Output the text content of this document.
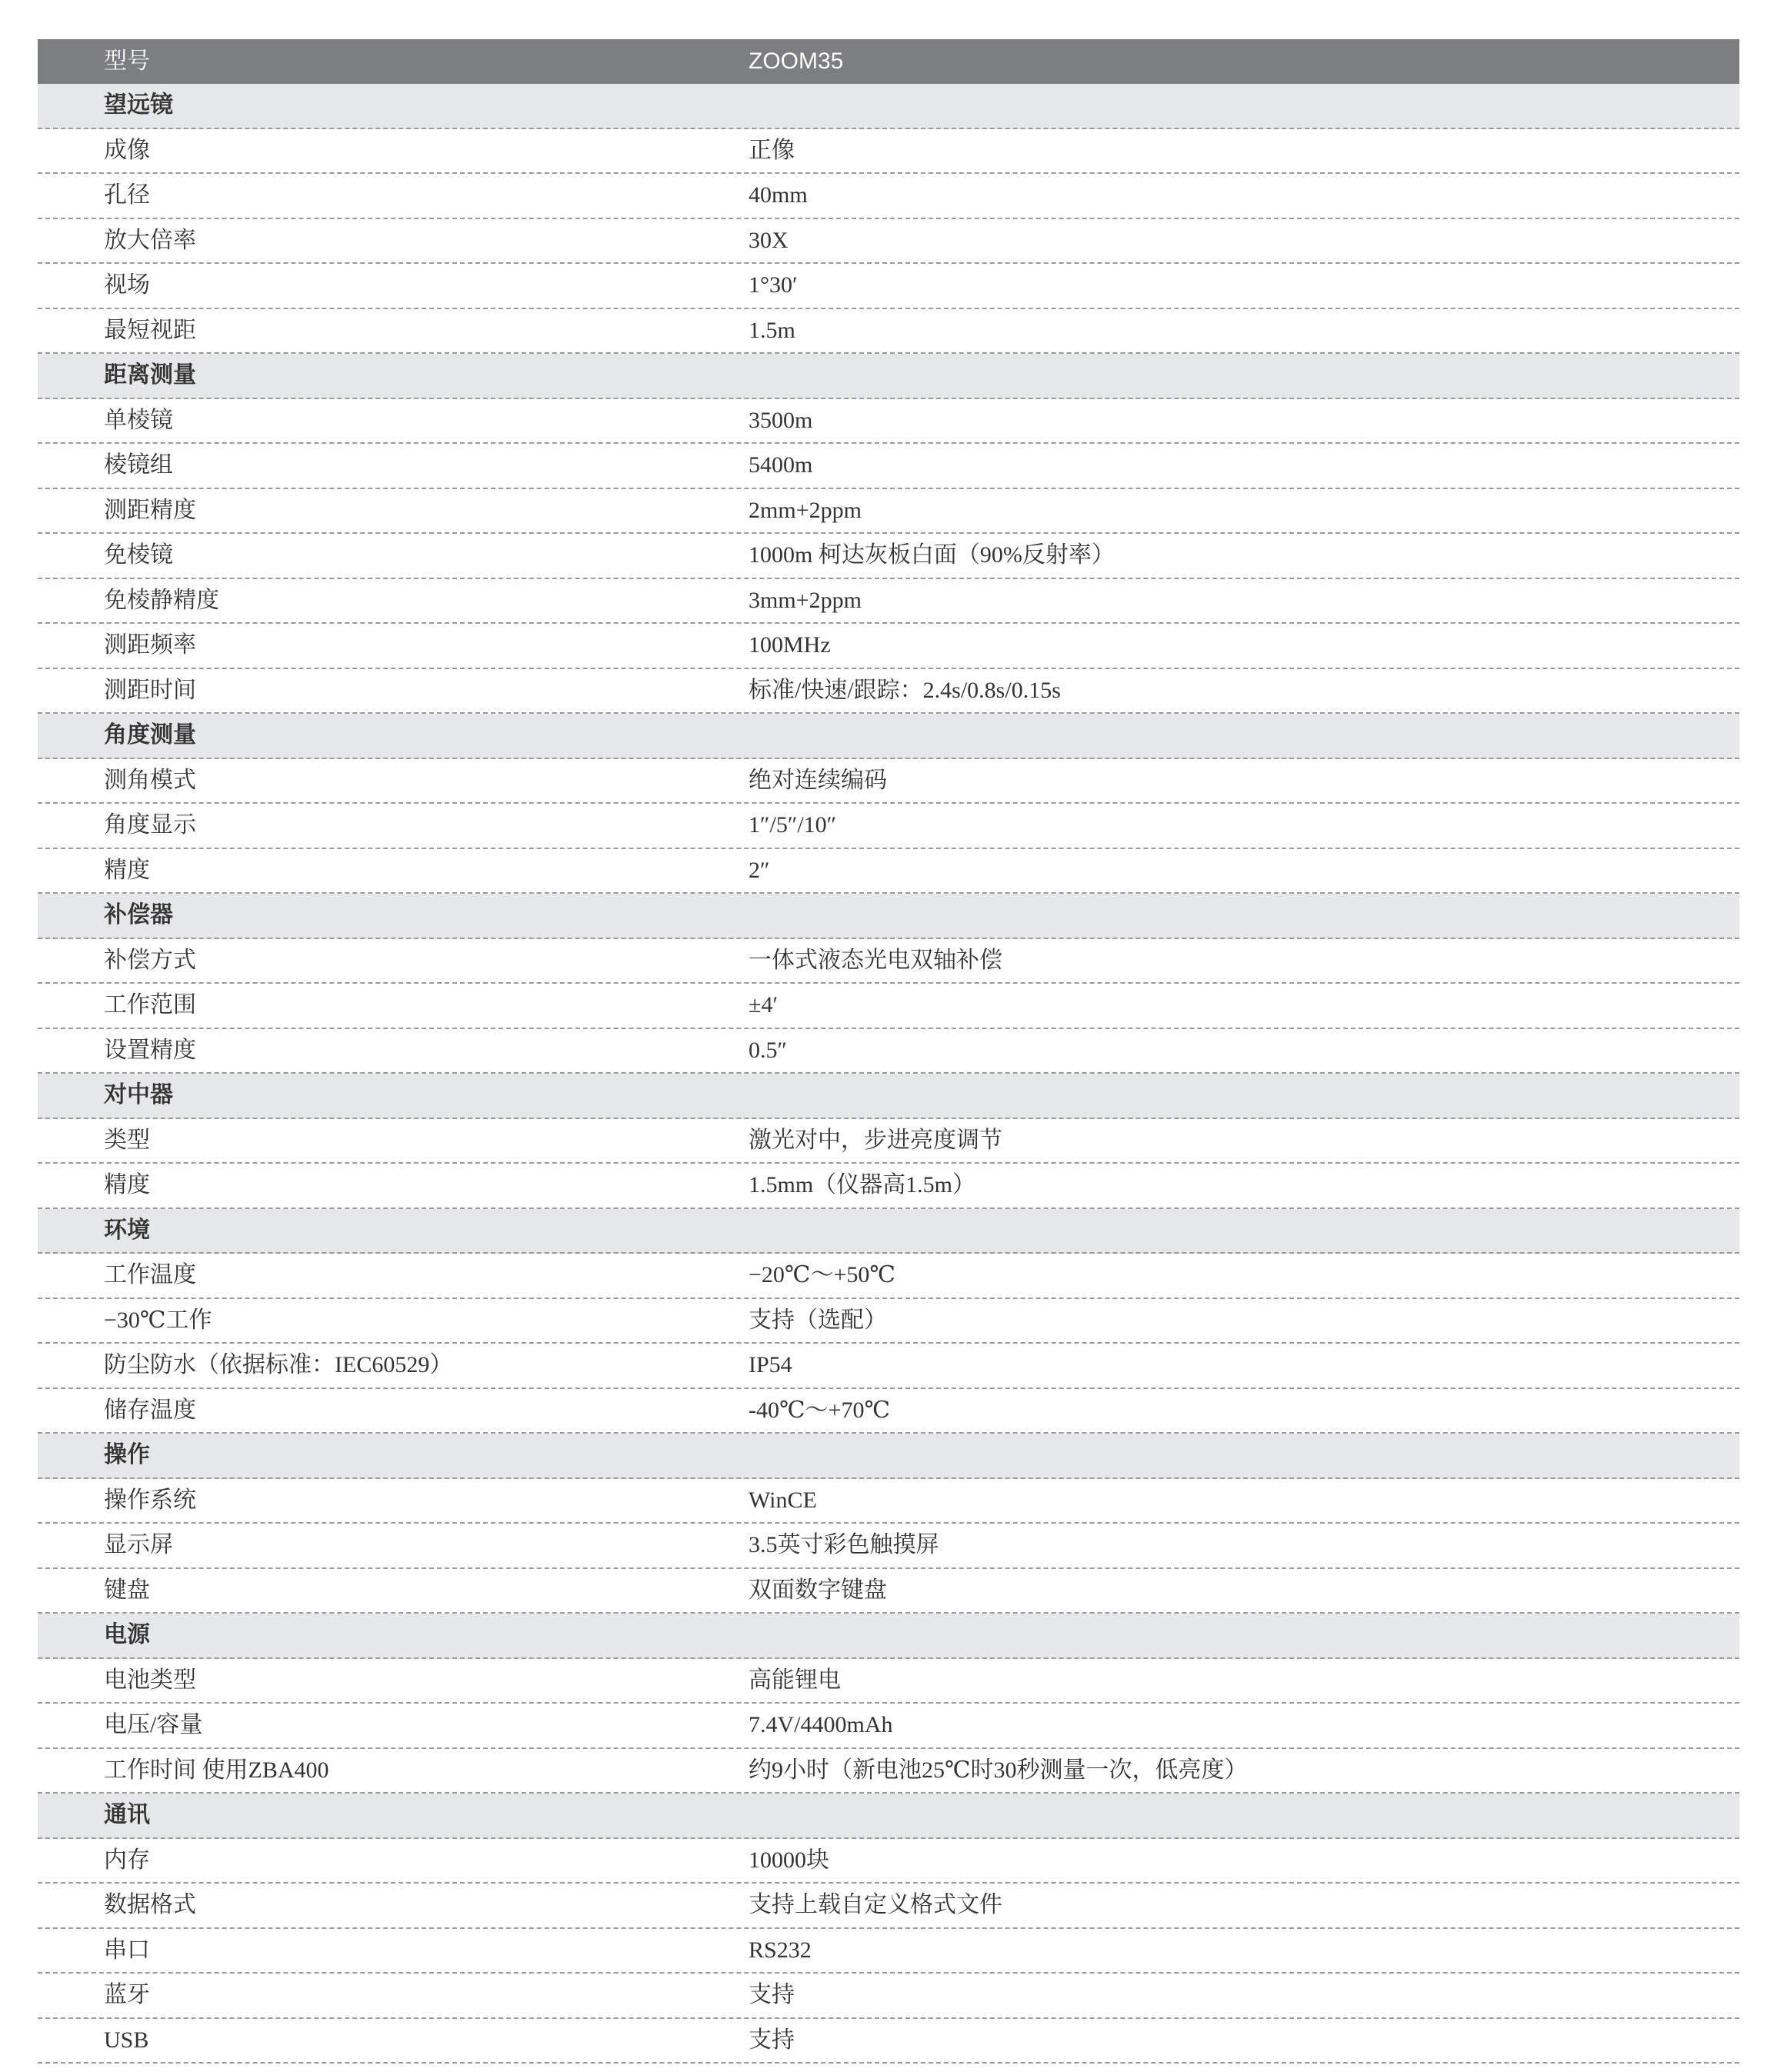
型号	ZOOM35
望远镜
成像	正像
孔径	40mm
放大倍率	30X
视场	1°30′
最短视距	1.5m
距离测量
单棱镜	3500m
棱镜组	5400m
测距精度	2mm+2ppm
免棱镜	1000m 柯达灰板白面（90%反射率）
免棱静精度	3mm+2ppm
测距频率	100MHz
测距时间	标准/快速/跟踪：2.4s/0.8s/0.15s
角度测量
测角模式	绝对连续编码
角度显示	1″/5″/10″
精度	2″
补偿器
补偿方式	一体式液态光电双轴补偿
工作范围	±4′
设置精度	0.5″
对中器
类型	激光对中，步进亮度调节
精度	1.5mm（仪器高1.5m）
环境
工作温度	−20℃～+50℃
−30℃工作	支持（选配）
防尘防水（依据标准：IEC60529）	IP54
储存温度	-40℃～+70℃
操作
操作系统	WinCE
显示屏	3.5英寸彩色触摸屏
键盘	双面数字键盘
电源
电池类型	高能锂电
电压/容量	7.4V/4400mAh
工作时间 使用ZBA400	约9小时（新电池25℃时30秒测量一次，低亮度）
通讯
内存	10000块
数据格式	支持上载自定义格式文件
串口	RS232
蓝牙	支持
USB	支持
